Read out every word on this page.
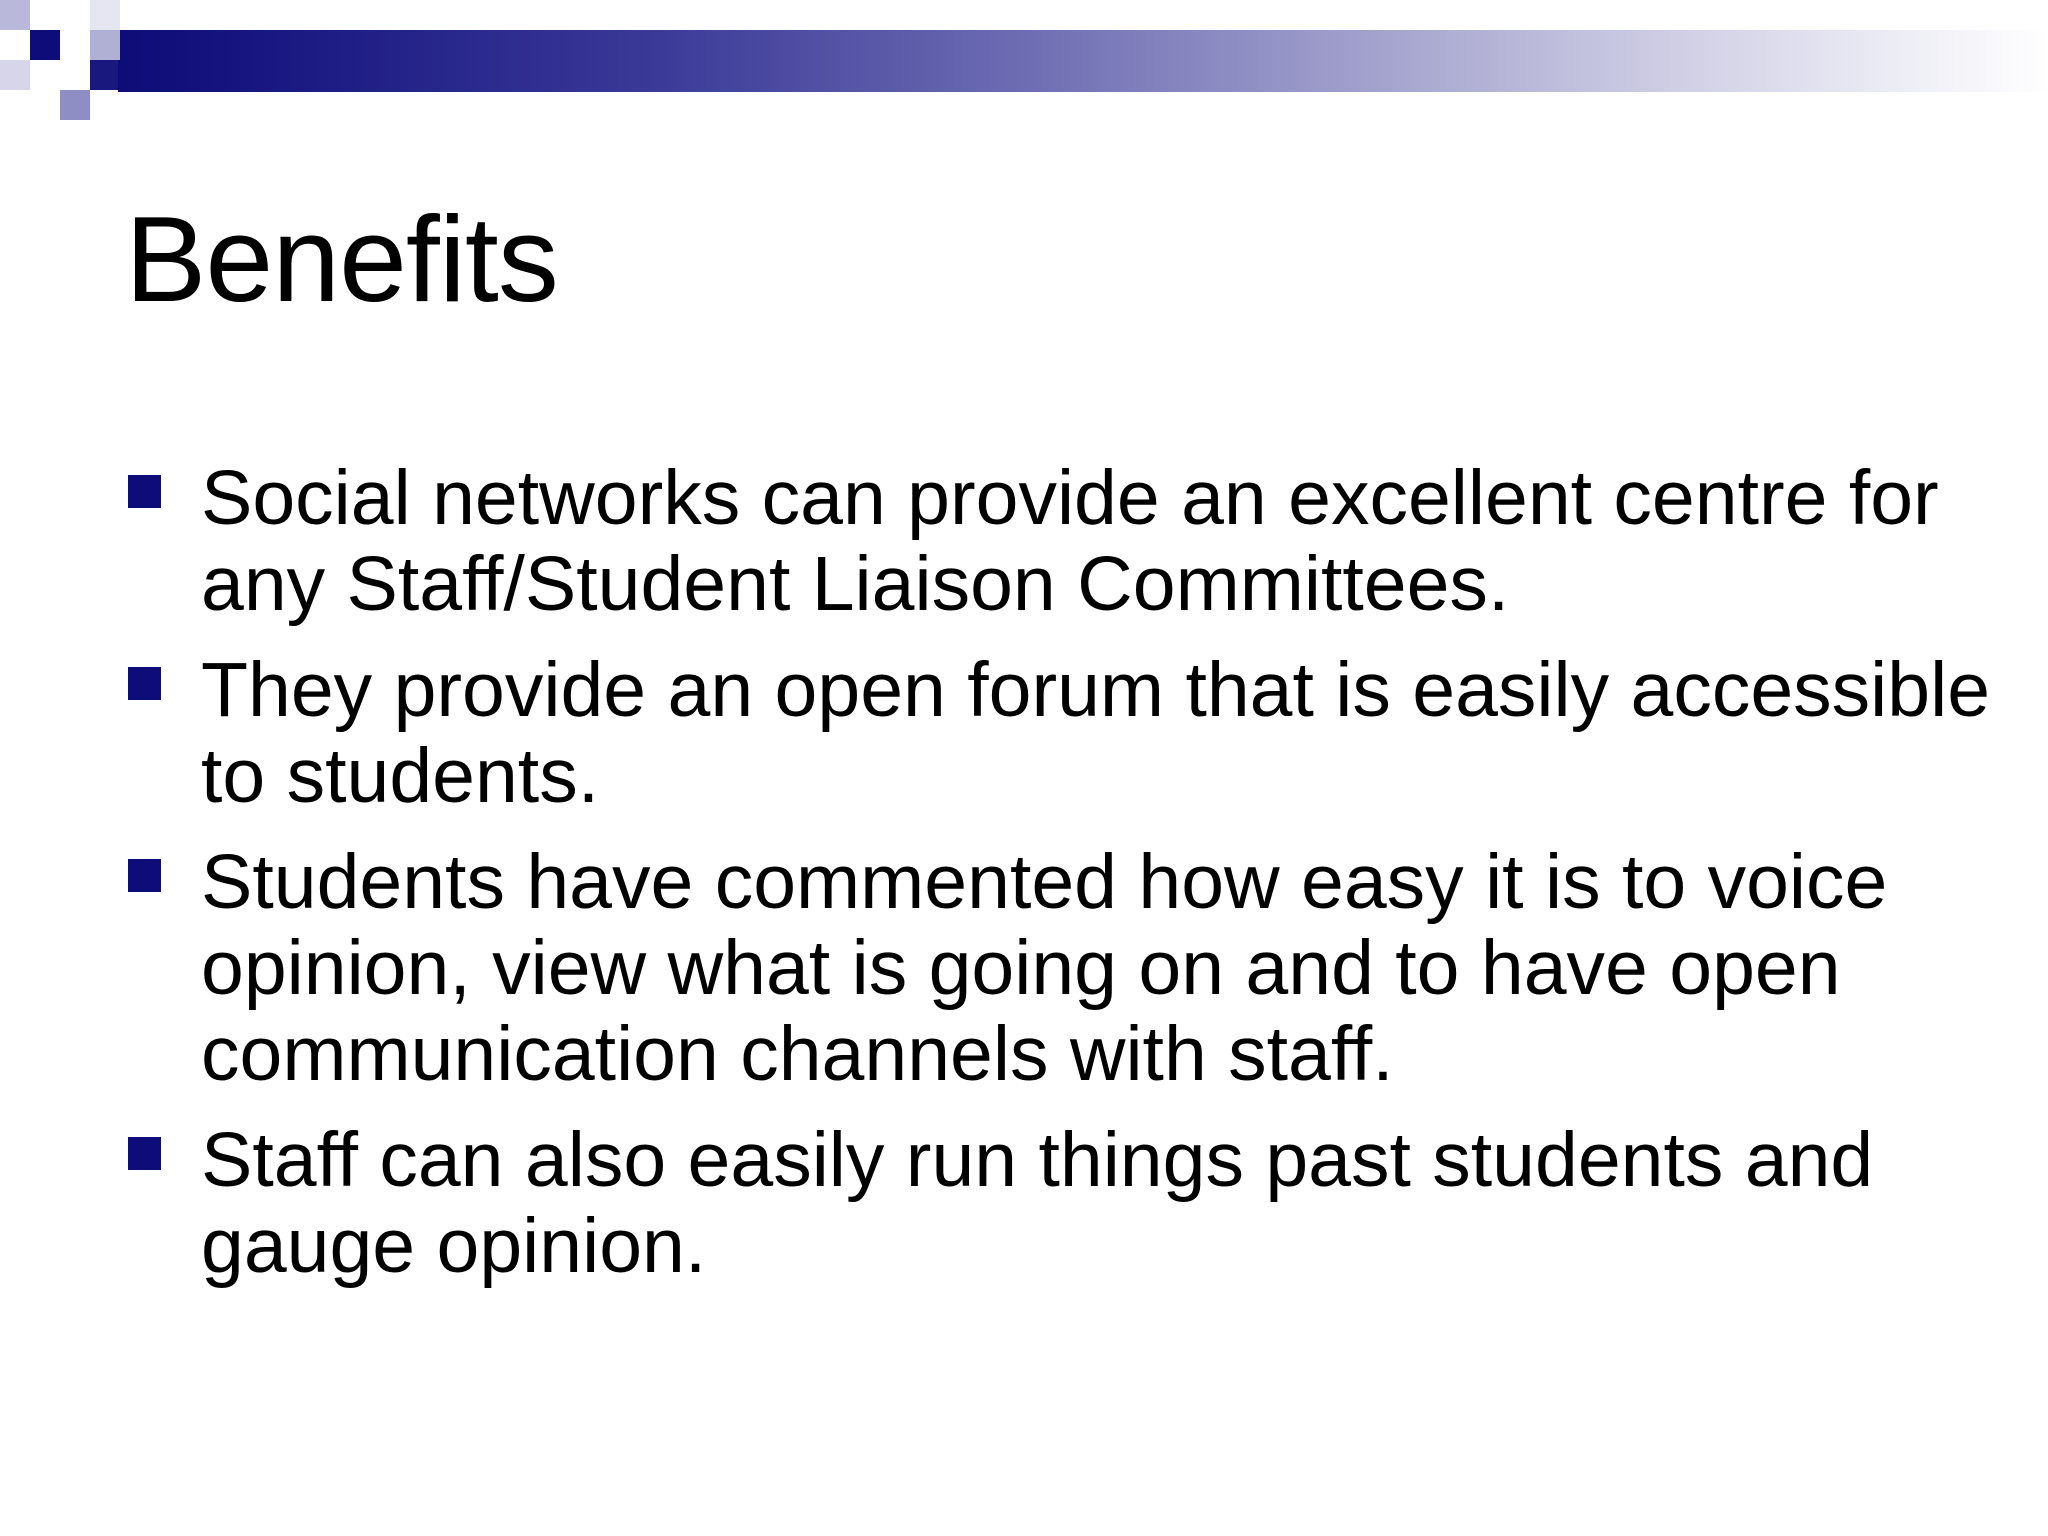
Benefits
Social networks can provide an excellent centre for any Staff/Student Liaison Committees.
They provide an open forum that is easily accessible to students.
Students have commented how easy it is to voice opinion, view what is going on and to have open communication channels with staff.
Staff can also easily run things past students and gauge opinion.
